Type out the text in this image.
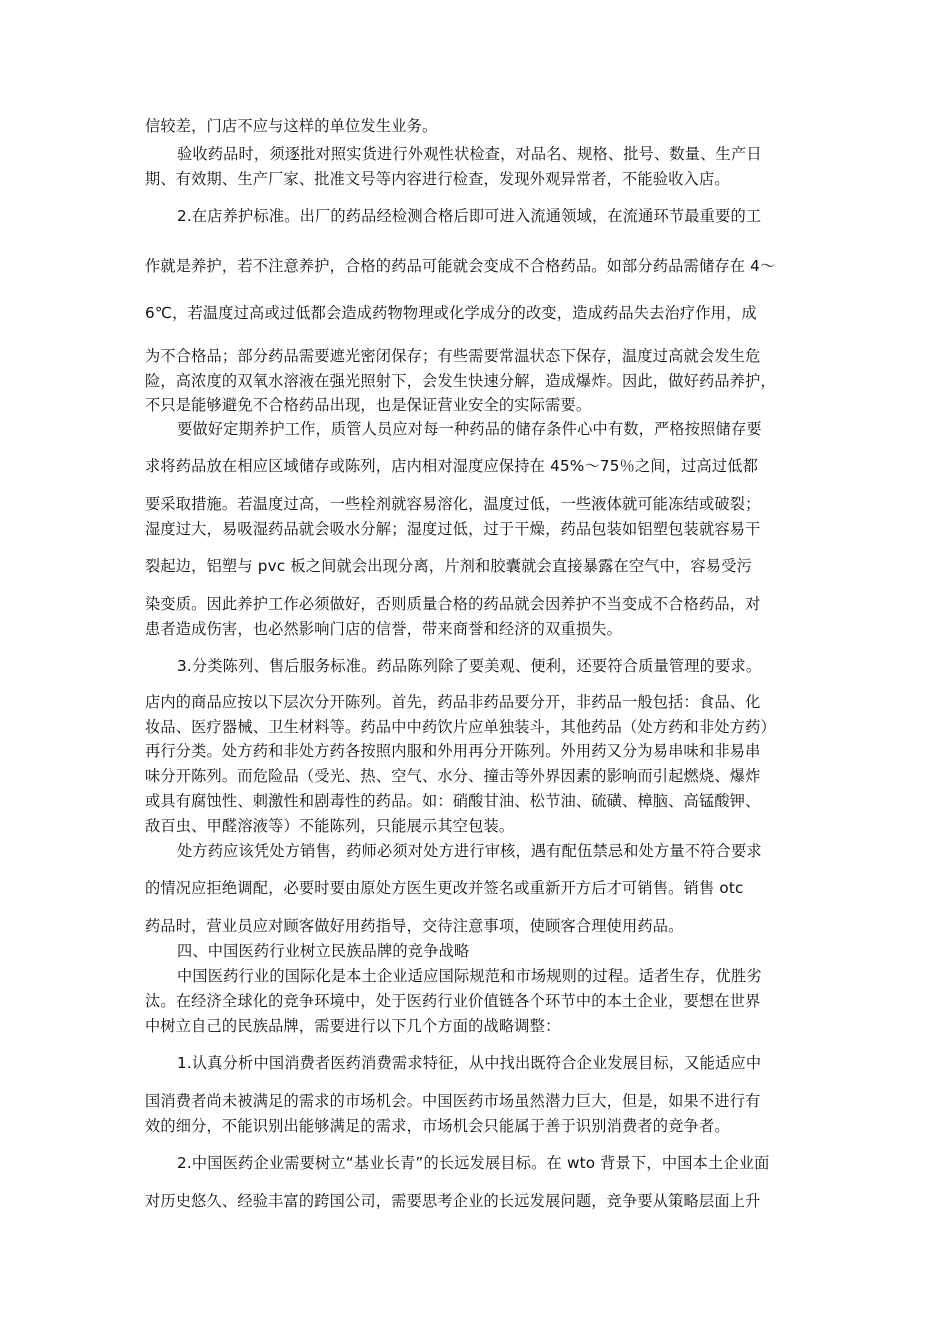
信较差，门店不应与这样的单位发生业务。
验收药品时，须逐批对照实货进行外观性状检查，对品名、规格、批号、数量、生产日
期、有效期、生产厂家、批准文号等内容进行检查，发现外观异常者，不能验收入店。
2.在店养护标准。出厂的药品经检测合格后即可进入流通领域，在流通环节最重要的工
作就是养护，若不注意养护，合格的药品可能就会变成不合格药品。如部分药品需储存在 4～
6℃，若温度过高或过低都会造成药物物理或化学成分的改变，造成药品失去治疗作用，成
为不合格品；部分药品需要遮光密闭保存；有些需要常温状态下保存，温度过高就会发生危
险，高浓度的双氧水溶液在强光照射下，会发生快速分解，造成爆炸。因此，做好药品养护，
不只是能够避免不合格药品出现，也是保证营业安全的实际需要。
要做好定期养护工作，质管人员应对每一种药品的储存条件心中有数，严格按照储存要
求将药品放在相应区域储存或陈列，店内相对湿度应保持在 45%～75％之间，过高过低都
要采取措施。若温度过高，一些栓剂就容易溶化，温度过低，一些液体就可能冻结或破裂；
湿度过大，易吸湿药品就会吸水分解；湿度过低，过于干燥，药品包装如铝塑包装就容易干
裂起边，铝塑与 pvc 板之间就会出现分离，片剂和胶囊就会直接暴露在空气中，容易受污
染变质。因此养护工作必须做好，否则质量合格的药品就会因养护不当变成不合格药品，对
患者造成伤害，也必然影响门店的信誉，带来商誉和经济的双重损失。
3.分类陈列、售后服务标准。药品陈列除了要美观、便利，还要符合质量管理的要求。
店内的商品应按以下层次分开陈列。首先，药品非药品要分开，非药品一般包括：食品、化
妆品、医疗器械、卫生材料等。药品中中药饮片应单独装斗，其他药品（处方药和非处方药）
再行分类。处方药和非处方药各按照内服和外用再分开陈列。外用药又分为易串味和非易串
味分开陈列。而危险品（受光、热、空气、水分、撞击等外界因素的影响而引起燃烧、爆炸
或具有腐蚀性、刺激性和剧毒性的药品。如：硝酸甘油、松节油、硫磺、樟脑、高锰酸钾、
敌百虫、甲醛溶液等）不能陈列，只能展示其空包装。
处方药应该凭处方销售，药师必须对处方进行审核，遇有配伍禁忌和处方量不符合要求
的情况应拒绝调配，必要时要由原处方医生更改并签名或重新开方后才可销售。销售 otc
药品时，营业员应对顾客做好用药指导，交待注意事项，使顾客合理使用药品。
四、中国医药行业树立民族品牌的竞争战略
中国医药行业的国际化是本土企业适应国际规范和市场规则的过程。适者生存，优胜劣
汰。在经济全球化的竞争环境中，处于医药行业价值链各个环节中的本土企业，要想在世界
中树立自己的民族品牌，需要进行以下几个方面的战略调整：
1.认真分析中国消费者医药消费需求特征，从中找出既符合企业发展目标，又能适应中
国消费者尚未被满足的需求的市场机会。中国医药市场虽然潜力巨大，但是，如果不进行有
效的细分，不能识别出能够满足的需求，市场机会只能属于善于识别消费者的竞争者。
2.中国医药企业需要树立“基业长青”的长远发展目标。在 wto 背景下，中国本土企业面
对历史悠久、经验丰富的跨国公司，需要思考企业的长远发展问题，竞争要从策略层面上升
